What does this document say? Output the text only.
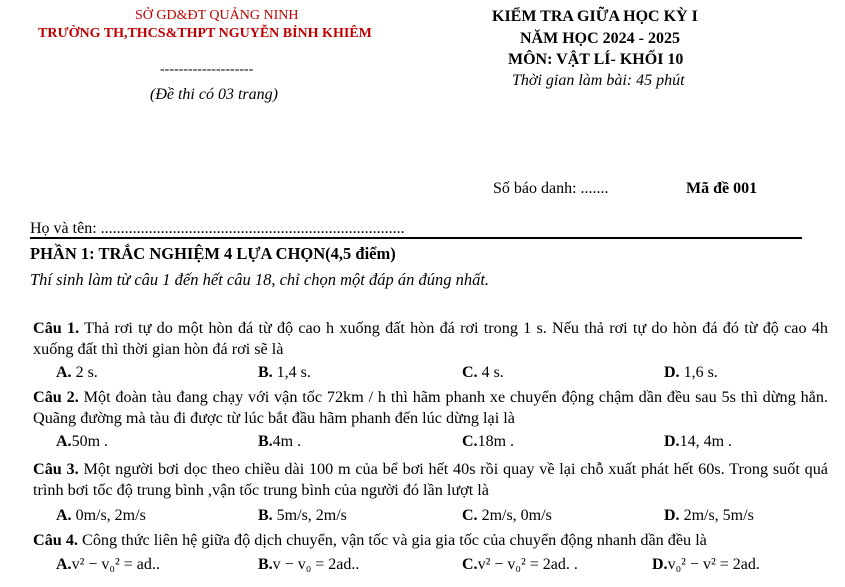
SỞ GD&ĐT QUẢNG NINH
TRƯỜNG TH,THCS&THPT NGUYỄN BỈNH KHIÊM
--------------------
(Đề thi có 03 trang)
KIỂM TRA GIỮA HỌC KỲ I
NĂM HỌC 2024 - 2025
MÔN: VẬT LÍ- KHỐI 10
Thời gian làm bài: 45 phút
Số báo danh: .......	Mã đề 001
Họ và tên: ............................................................................
PHẦN 1: TRẮC NGHIỆM 4 LỰA CHỌN(4,5 điểm)
Thí sinh làm từ câu 1 đến hết câu 18, chỉ chọn một đáp án đúng nhất.
Câu 1. Thả rơi tự do một hòn đá từ độ cao h xuống đất hòn đá rơi trong 1 s. Nếu thả rơi tự do hòn đá đó từ độ cao 4h xuống đất thì thời gian hòn đá rơi sẽ là
A. 2 s.	B. 1,4 s.	C. 4 s.	D. 1,6 s.
Câu 2. Một đoàn tàu đang chạy với vận tốc 72km / h thì hãm phanh xe chuyển động chậm dần đều sau 5s thì dừng hẳn. Quãng đường mà tàu đi được từ lúc bắt đầu hãm phanh đến lúc dừng lại là
A.50m .	B.4m .	C.18m .	D.14, 4m .
Câu 3. Một người bơi dọc theo chiều dài 100 m của bể bơi hết 40s rồi quay về lại chỗ xuất phát hết 60s. Trong suốt quá trình bơi tốc độ trung bình ,vận tốc trung bình của người đó lần lượt là
A. 0m/s, 2m/s	B. 5m/s, 2m/s	C. 2m/s, 0m/s	D. 2m/s, 5m/s
Câu 4. Công thức liên hệ giữa độ dịch chuyển, vận tốc và gia gia tốc của chuyển động nhanh dần đều là
A.v² − v₀² = ad..	B.v − v₀ = 2ad..	C.v² − v₀² = 2ad. .	D.v₀² − v² = 2ad.
